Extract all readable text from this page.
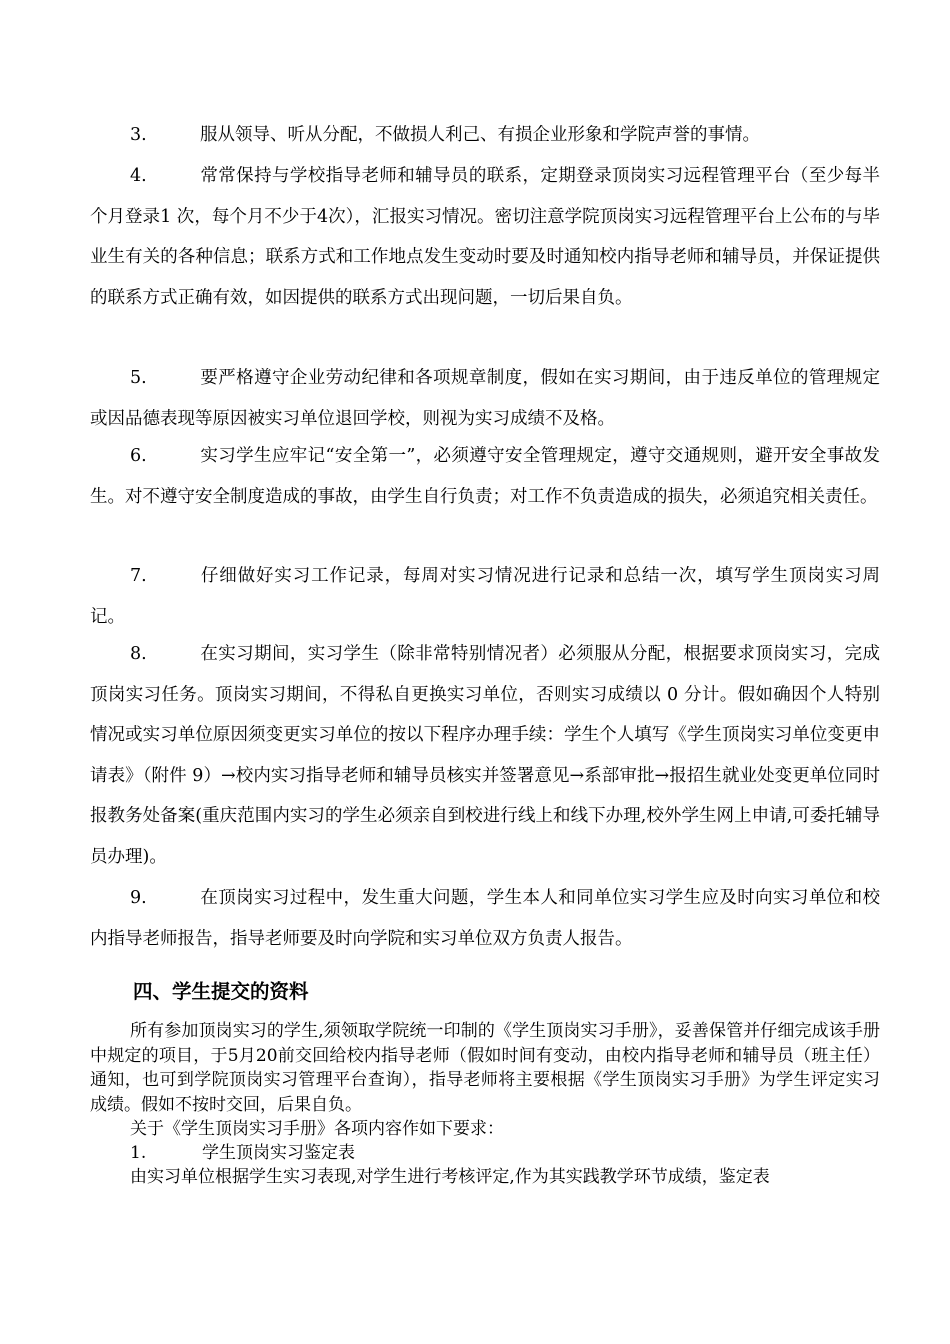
3.	服从领导、听从分配，不做损人利己、有损企业形象和学院声誉的事情。
4.	常常保持与学校指导老师和辅导员的联系，定期登录顶岗实习远程管理平台（至少每半个月登录1 次，每个月不少于4次），汇报实习情况。密切注意学院顶岗实习远程管理平台上公布的与毕业生有关的各种信息；联系方式和工作地点发生变动时要及时通知校内指导老师和辅导员，并保证提供的联系方式正确有效，如因提供的联系方式出现问题，一切后果自负。
5.	要严格遵守企业劳动纪律和各项规章制度，假如在实习期间，由于违反单位的管理规定或因品德表现等原因被实习单位退回学校，则视为实习成绩不及格。
6.	实习学生应牢记“安全第一”，必须遵守安全管理规定，遵守交通规则，避开安全事故发生。对不遵守安全制度造成的事故，由学生自行负责；对工作不负责造成的损失，必须追究相关责任。
7.	仔细做好实习工作记录，每周对实习情况进行记录和总结一次，填写学生顶岗实习周记。
8.	在实习期间，实习学生（除非常特别情况者）必须服从分配，根据要求顶岗实习，完成顶岗实习任务。顶岗实习期间，不得私自更换实习单位，否则实习成绩以 0 分计。假如确因个人特别情况或实习单位原因须变更实习单位的按以下程序办理手续：学生个人填写《学生顶岗实习单位变更申请表》（附件 9）→校内实习指导老师和辅导员核实并签署意见→系部审批→报招生就业处变更单位同时报教务处备案(重庆范围内实习的学生必须亲自到校进行线上和线下办理,校外学生网上申请,可委托辅导员办理)。
9.	在顶岗实习过程中，发生重大问题，学生本人和同单位实习学生应及时向实习单位和校内指导老师报告，指导老师要及时向学院和实习单位双方负责人报告。
四、学生提交的资料
所有参加顶岗实习的学生,须领取学院统一印制的《学生顶岗实习手册》，妥善保管并仔细完成该手册中规定的项目，于5月20前交回给校内指导老师（假如时间有变动，由校内指导老师和辅导员（班主任）通知，也可到学院顶岗实习管理平台查询），指导老师将主要根据《学生顶岗实习手册》为学生评定实习成绩。假如不按时交回，后果自负。
关于《学生顶岗实习手册》各项内容作如下要求：
1.	学生顶岗实习鉴定表
由实习单位根据学生实习表现,对学生进行考核评定,作为其实践教学环节成绩，鉴定表
